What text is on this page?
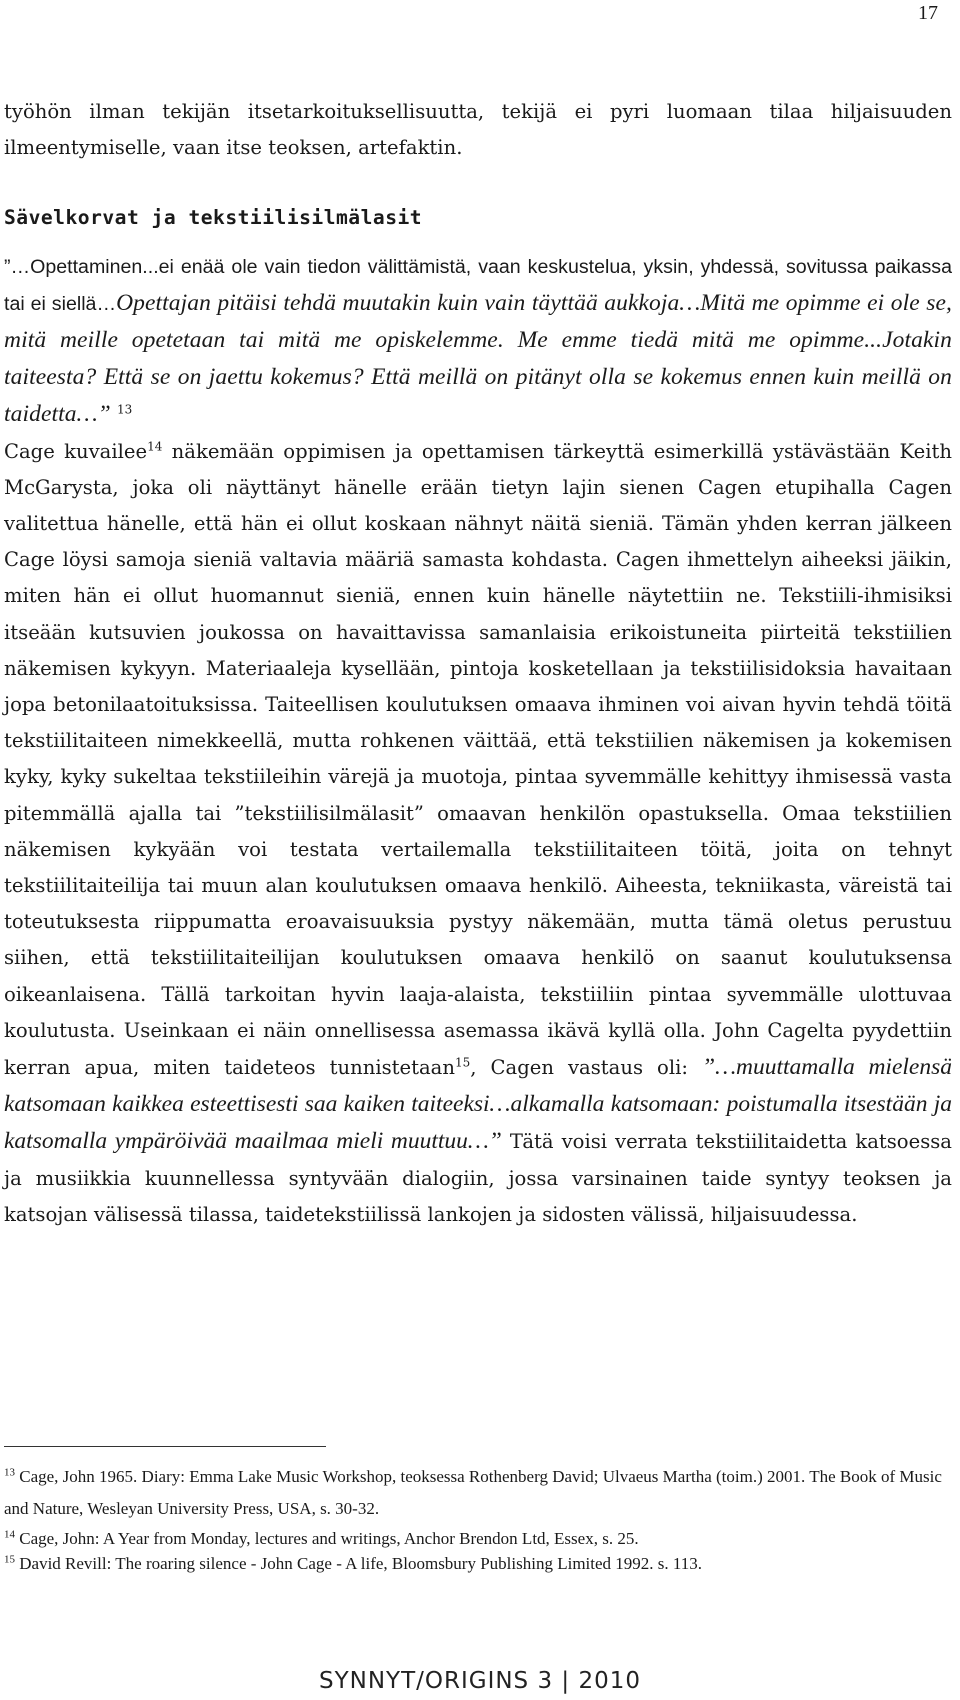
17

työhön ilman tekijän itsetarkoituksellisuutta, tekijä ei pyri luomaan tilaa hiljaisuuden ilmeentymiselle, vaan itse teoksen, artefaktin.

Sävelkorvat ja tekstiilisilmälasit

”…Opettaminen...ei enää ole vain tiedon välittämistä, vaan keskustelua, yksin, yhdessä, sovitussa paikassa tai ei siellä…Opettajan pitäisi tehdä muutakin kuin vain täyttää aukkoja…Mitä me opimme ei ole se, mitä meille opetetaan tai mitä me opiskelemme. Me emme tiedä mitä me opimme...Jotakin taiteesta? Että se on jaettu kokemus? Että meillä on pitänyt olla se kokemus ennen kuin meillä on taidetta…” $^{13}$
Cage kuvailee$^{14}$ näkemään oppimisen ja opettamisen tärkeyttä esimerkillä ystävästään Keith McGarysta, joka oli näyttänyt hänelle erään tietyn lajin sienen Cagen etupihalla Cagen valitettua hänelle, että hän ei ollut koskaan nähnyt näitä sieniä. Tämän yhden kerran jälkeen Cage löysi samoja sieniä valtavia määriä samasta kohdasta. Cagen ihmettelyn aiheeksi jäikin, miten hän ei ollut huomannut sieniä, ennen kuin hänelle näytettiin ne. Tekstiili-ihmisiksi itseään kutsuvien joukossa on havaittavissa samanlaisia erikoistuneita piirteitä tekstiilien näkemisen kykyyn. Materiaaleja kysellään, pintoja kosketellaan ja tekstiilisidoksia havaitaan jopa betonilaatoituksissa. Taiteellisen koulutuksen omaava ihminen voi aivan hyvin tehdä töitä tekstiilitaiteen nimekkeellä, mutta rohkenen väittää, että tekstiilien näkemisen ja kokemisen kyky, kyky sukeltaa tekstiileihin värejä ja muotoja, pintaa syvemmälle kehittyy ihmisessä vasta pitemmällä ajalla tai ”tekstiilisilmälasit” omaavan henkilön opastuksella. Omaa tekstiilien näkemisen kykyään voi testata vertailemalla tekstiilitaiteen töitä, joita on tehnyt tekstiilitaiteilija tai muun alan koulutuksen omaava henkilö. Aiheesta, tekniikasta, väreistä tai toteutuksesta riippumatta eroavaisuuksia pystyy näkemään, mutta tämä oletus perustuu siihen, että tekstiilitaiteilijan koulutuksen omaava henkilö on saanut koulutuksensa oikeanlaisena. Tällä tarkoitan hyvin laaja-alaista, tekstiiliin pintaa syvemmälle ulottuvaa koulutusta. Useinkaan ei näin onnellisessa asemassa ikävä kyllä olla. John Cagelta pyydettiin kerran apua, miten taideteos tunnistetaan$^{15}$, Cagen vastaus oli: ”…muuttamalla mielensä katsomaan kaikkea esteettisesti saa kaiken taiteeksi…alkamalla katsomaan: poistumalla itsestään ja katsomalla ympäröivää maailmaa mieli muuttuu…” Tätä voisi verrata tekstiilitaidetta katsoessa ja musiikkia kuunnellessa syntyvään dialogiin, jossa varsinainen taide syntyy teoksen ja katsojan välisessä tilassa, taidetekstiilissä lankojen ja sidosten välissä, hiljaisuudessa.

$^{13}$ Cage, John 1965. Diary: Emma Lake Music Workshop, teoksessa Rothenberg David; Ulvaeus Martha (toim.) 2001. The Book of Music and Nature, Wesleyan University Press, USA, s. 30-32.

$^{14}$ Cage, John: A Year from Monday, lectures and writings, Anchor Brendon Ltd, Essex, s. 25.

$^{15}$ David Revill: The roaring silence - John Cage - A life, Bloomsbury Publishing Limited 1992. s. 113.

SYNNYT/ORIGINS 3 | 2010
